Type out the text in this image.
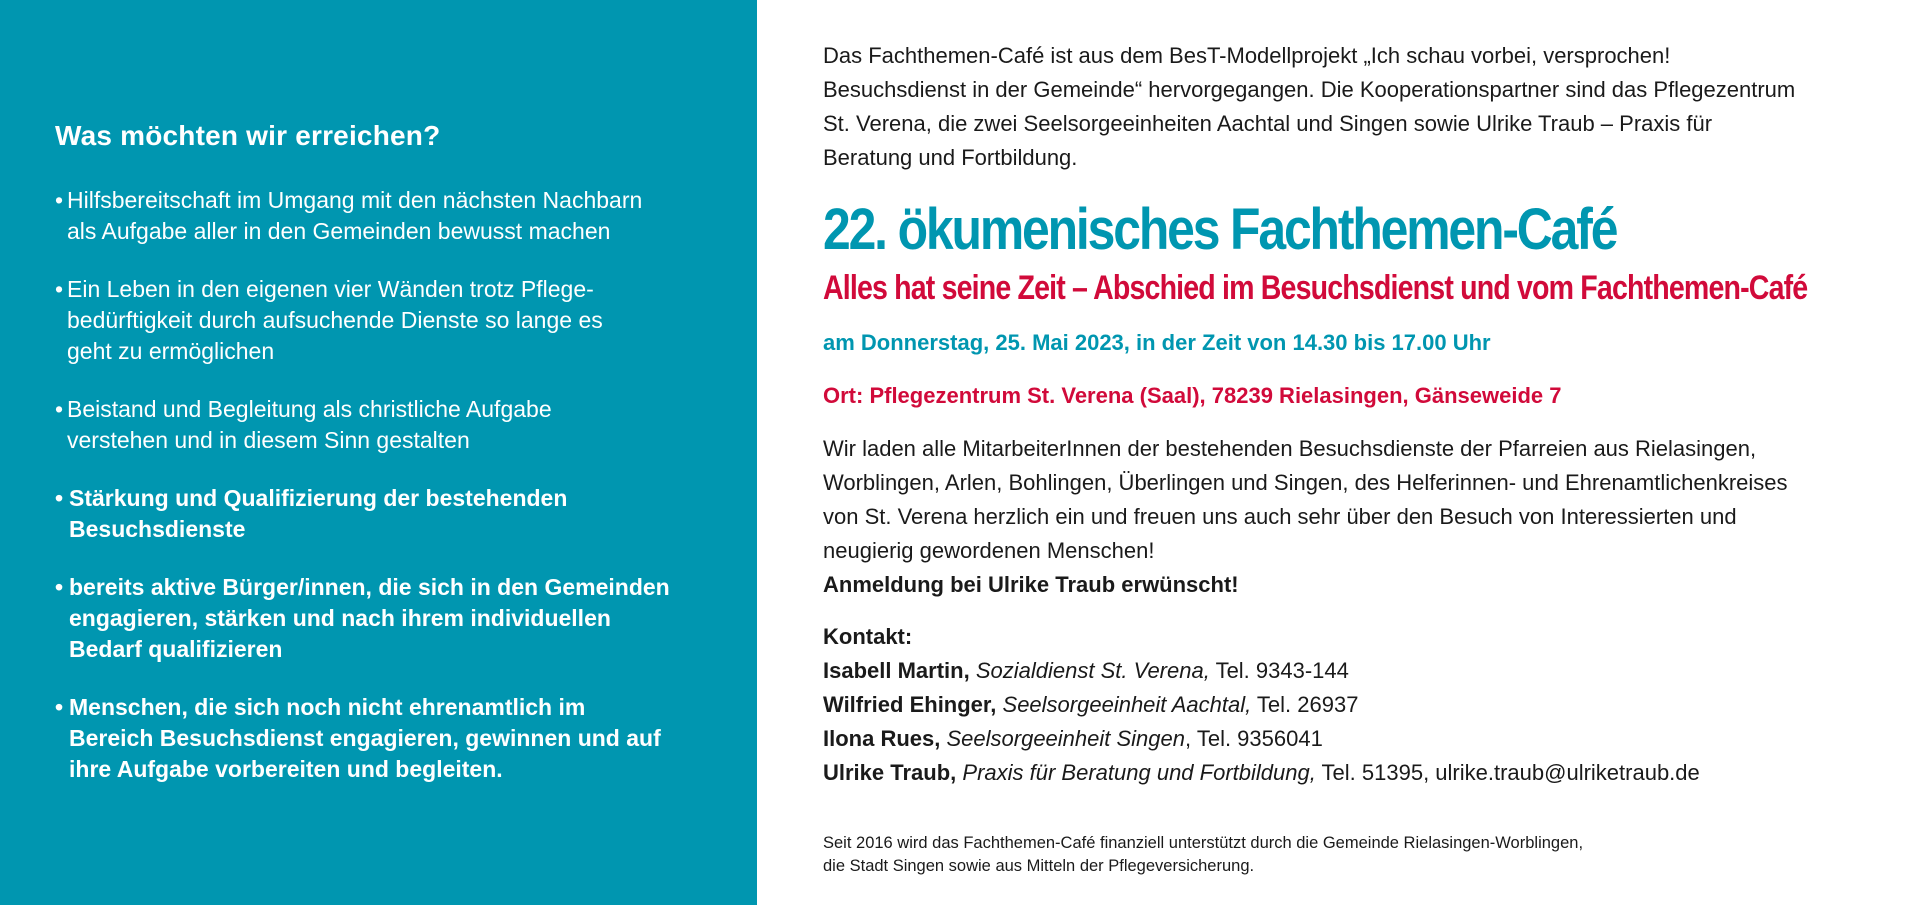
Was möchten wir erreichen?
• Hilfsbereitschaft im Umgang mit den nächsten Nachbarn
als Aufgabe aller in den Gemeinden bewusst machen
• Ein Leben in den eigenen vier Wänden trotz Pflege-
bedürftigkeit durch aufsuchende Dienste so lange es
geht zu ermöglichen
• Beistand und Begleitung als christliche Aufgabe
verstehen und in diesem Sinn gestalten
• Stärkung und Qualifizierung der bestehenden
Besuchsdienste
• bereits aktive Bürger/innen, die sich in den Gemeinden
engagieren, stärken und nach ihrem individuellen
Bedarf qualifizieren
• Menschen, die sich noch nicht ehrenamtlich im
Bereich Besuchsdienst engagieren, gewinnen und auf
ihre Aufgabe vorbereiten und begleiten.

Das Fachthemen-Café ist aus dem BesT-Modellprojekt „Ich schau vorbei, versprochen!
Besuchsdienst in der Gemeinde“ hervorgegangen. Die Kooperationspartner sind das Pflegezentrum
St. Verena, die zwei Seelsorgeeinheiten Aachtal und Singen sowie Ulrike Traub – Praxis für
Beratung und Fortbildung.

22. ökumenisches Fachthemen-Café
Alles hat seine Zeit – Abschied im Besuchsdienst und vom Fachthemen-Café

am Donnerstag, 25. Mai 2023, in der Zeit von 14.30 bis 17.00 Uhr

Ort: Pflegezentrum St. Verena (Saal), 78239 Rielasingen, Gänseweide 7

Wir laden alle MitarbeiterInnen der bestehenden Besuchsdienste der Pfarreien aus Rielasingen,
Worblingen, Arlen, Bohlingen, Überlingen und Singen, des Helferinnen- und Ehrenamtlichenkreises
von St. Verena herzlich ein und freuen uns auch sehr über den Besuch von Interessierten und
neugierig gewordenen Menschen!
Anmeldung bei Ulrike Traub erwünscht!

Kontakt:
Isabell Martin, Sozialdienst St. Verena, Tel. 9343-144
Wilfried Ehinger, Seelsorgeeinheit Aachtal, Tel. 26937
Ilona Rues, Seelsorgeeinheit Singen, Tel. 9356041
Ulrike Traub, Praxis für Beratung und Fortbildung, Tel. 51395, ulrike.traub@ulriketraub.de

Seit 2016 wird das Fachthemen-Café finanziell unterstützt durch die Gemeinde Rielasingen-Worblingen,
die Stadt Singen sowie aus Mitteln der Pflegeversicherung.
